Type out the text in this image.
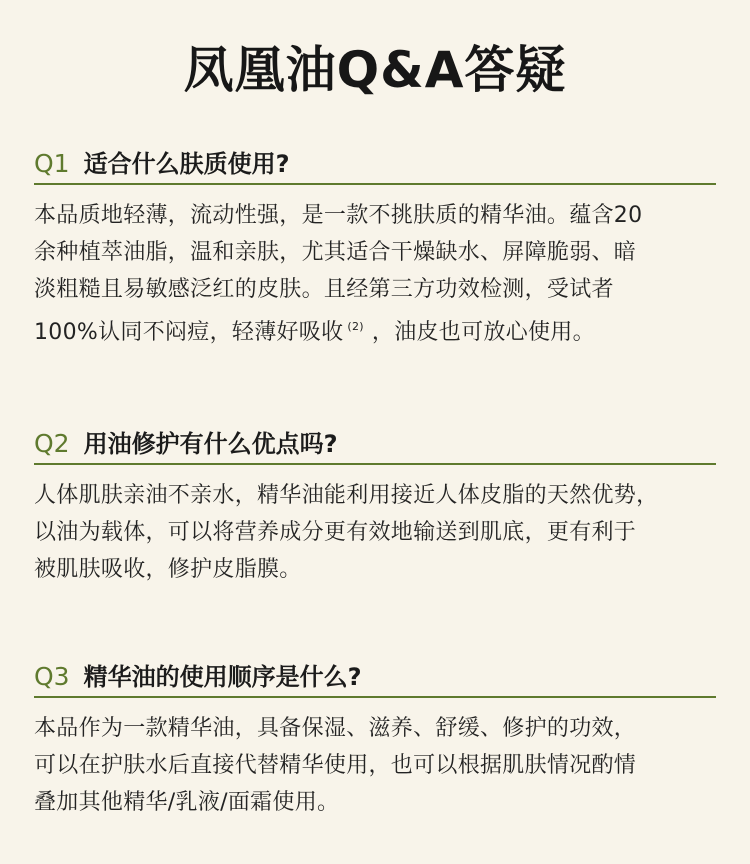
凤凰油Q&A答疑
Q1 适合什么肤质使用?

本品质地轻薄，流动性强，是一款不挑肤质的精华油。蕴含20

余种植萃油脂，温和亲肤，尤其适合干燥缺水、屏障脆弱、暗

淡粗糙且易敏感泛红的皮肤。且经第三方功效检测，受试者

100%认同不闷痘，轻薄好吸收 $^{(2)}$ ，油皮也可放心使用。

Q2 用油修护有什么优点吗?

人体肌肤亲油不亲水，精华油能利用接近人体皮脂的天然优势，

以油为载体，可以将营养成分更有效地输送到肌底，更有利于

被肌肤吸收，修护皮脂膜。

Q3 精华油的使用顺序是什么?

本品作为一款精华油，具备保湿、滋养、舒缓、修护的功效，

可以在护肤水后直接代替精华使用，也可以根据肌肤情况酌情

叠加其他精华/乳液/面霜使用。
